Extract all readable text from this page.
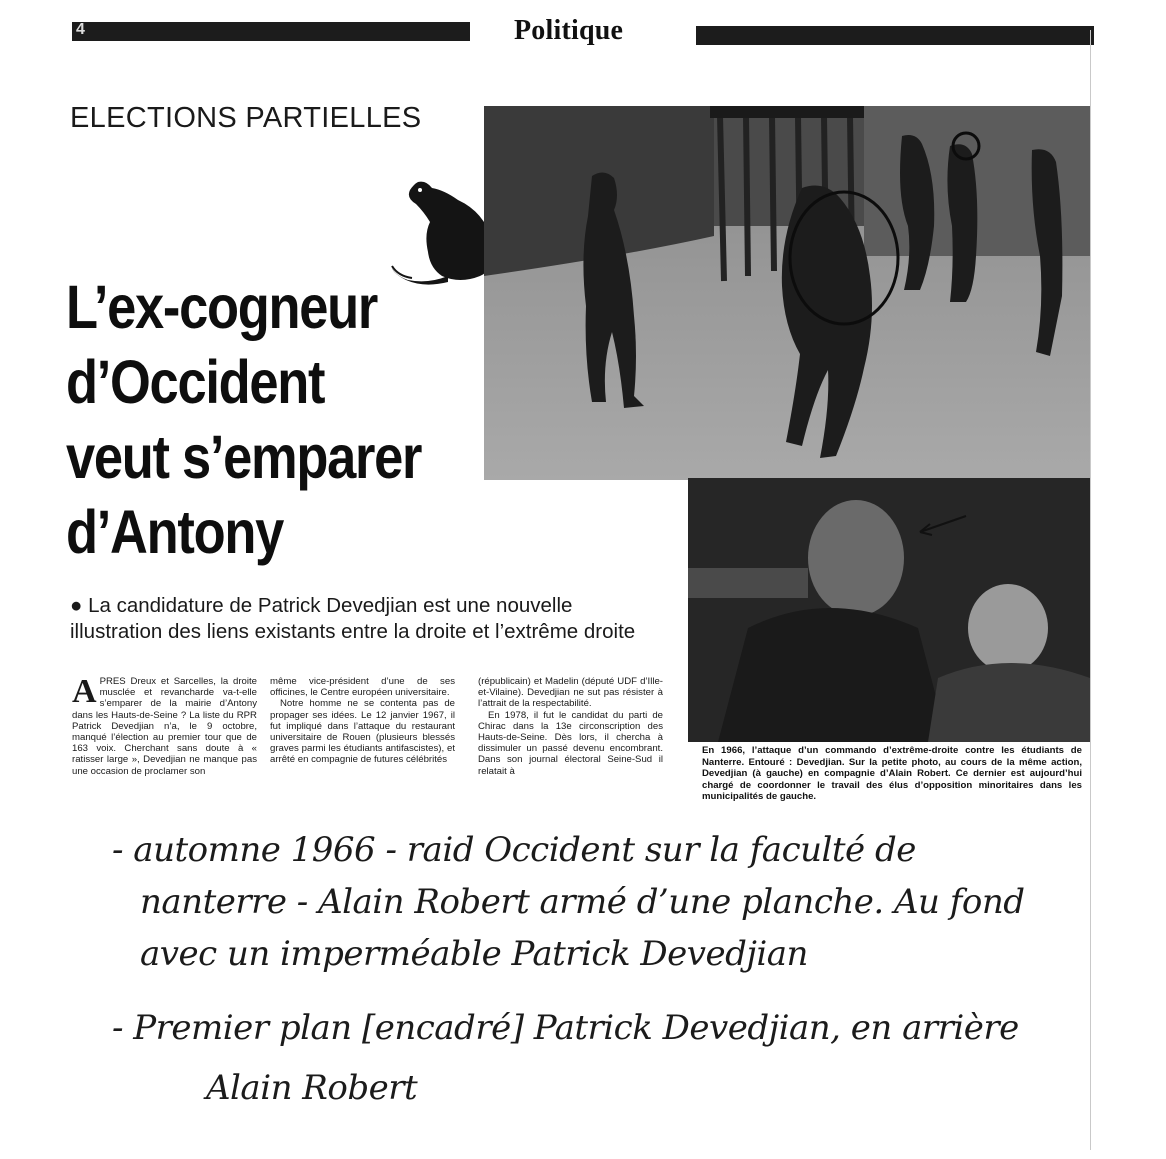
4	Politique
ELECTIONS PARTIELLES
L’ex-cogneur
d’Occident
veut s’emparer
d’Antony
● La candidature de Patrick Devedjian est une nouvelle illustration des liens existants entre la droite et l’extrême droite

APRES Dreux et Sarcelles, la droite musclée et revancharde va-t-elle s’emparer de la mairie d’Antony dans les Hauts-de-Seine ? La liste du RPR Patrick Devedjian n’a, le 9 octobre, manqué l’élection au premier tour que de 163 voix. Cherchant sans doute à « ratisser large », Devedjian ne manque pas une occasion de proclamer son

même vice-président d’une de ses officines, le Centre européen universitaire.

Notre homme ne se contenta pas de propager ses idées. Le 12 janvier 1967, il fut impliqué dans l’attaque du restaurant universitaire de Rouen (plusieurs blessés graves parmi les étudiants antifascistes), et arrêté en compagnie de futures célébrités

(républicain) et Madelin (député UDF d’Ille-et-Vilaine). Devedjian ne sut pas résister à l’attrait de la respectabilité.

En 1978, il fut le candidat du parti de Chirac dans la 13e circonscription des Hauts-de-Seine. Dès lors, il chercha à dissimuler un passé devenu encombrant. Dans son journal électoral Seine-Sud il relatait à

En 1966, l’attaque d’un commando d’extrême-droite contre les étudiants de Nanterre. Entouré : Devedjian. Sur la petite photo, au cours de la même action, Devedjian (à gauche) en compagnie d’Alain Robert. Ce dernier est aujourd’hui chargé de coordonner le travail des élus d’opposition minoritaires dans les municipalités de gauche.
- automne 1966 - raid Occident sur la faculté de
nanterre - Alain Robert armé d’une planche. Au fond
avec un imperméable Patrick Devedjian
- Premier plan [encadré] Patrick Devedjian, en arrière
Alain Robert
